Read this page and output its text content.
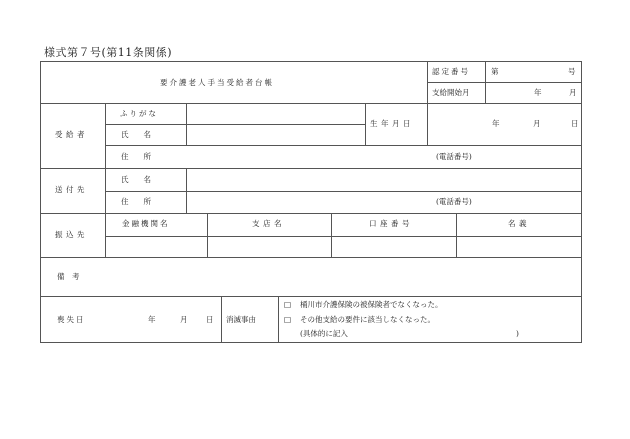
様式第７号(第11条関係)
要介護老人手当受給者台帳
認定番号	第	号
支給開始月	年	月
受給者
ふりがな
氏　　名
生年月日	年	月	日
住　　所	(電話番号)
送付先
氏　　名
住　　所	(電話番号)
振込先
金融機関名	支店名	口座番号	名義
備　考
喪失日	年	月 日 消滅事由
□ 桶川市介護保険の被保険者でなくなった。
□ その他支給の要件に該当しなくなった。
(具体的に記入	)
